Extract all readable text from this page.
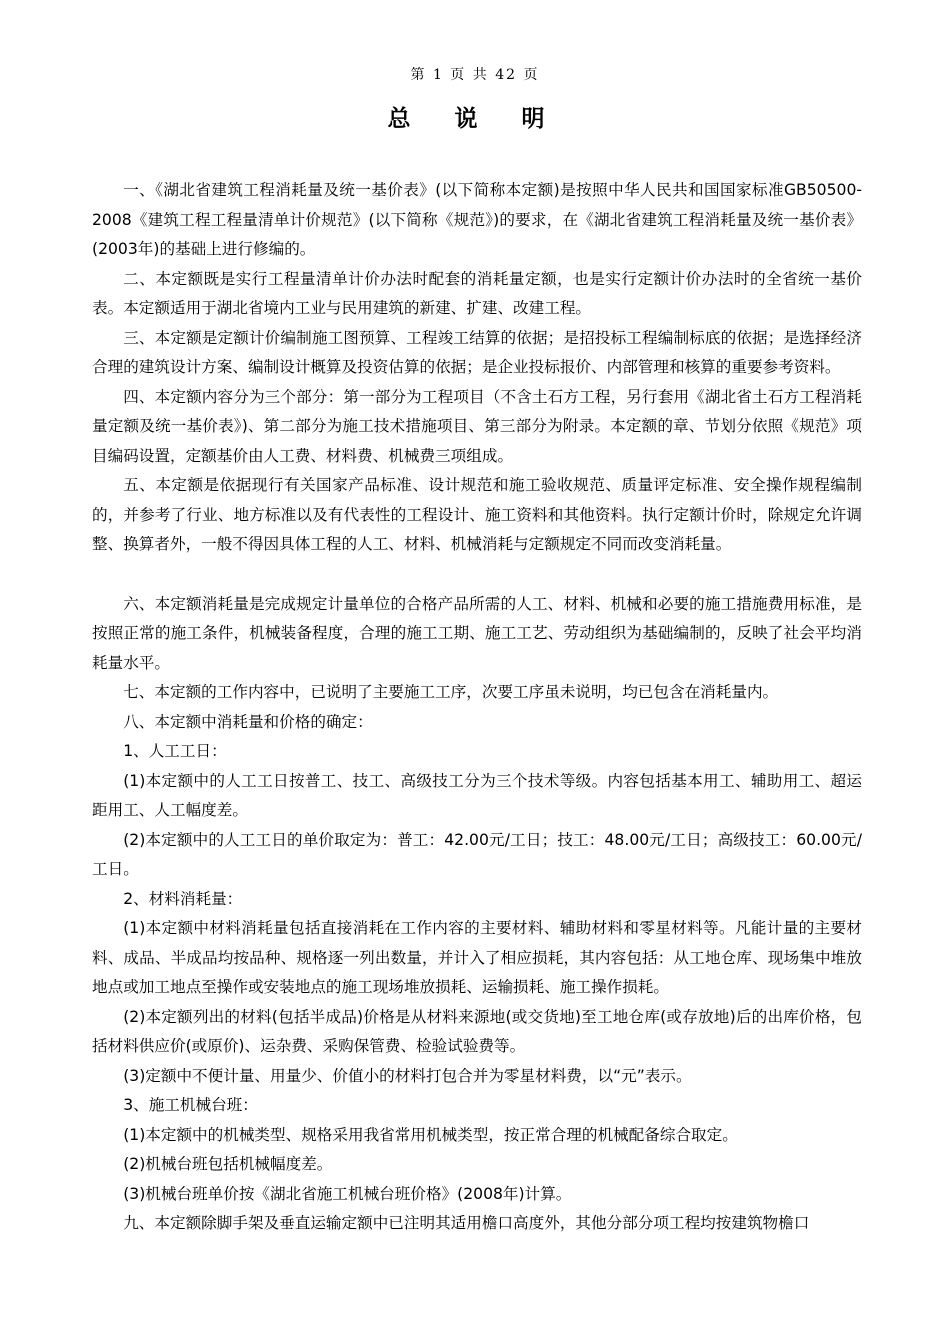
第 1 页 共 42 页
总 说 明

一、《湖北省建筑工程消耗量及统一基价表》(以下简称本定额)是按照中华人民共和国国家标准GB50500-2008《建筑工程工程量清单计价规范》(以下简称《规范》)的要求，在《湖北省建筑工程消耗量及统一基价表》(2003年)的基础上进行修编的。

二、本定额既是实行工程量清单计价办法时配套的消耗量定额，也是实行定额计价办法时的全省统一基价表。本定额适用于湖北省境内工业与民用建筑的新建、扩建、改建工程。

三、本定额是定额计价编制施工图预算、工程竣工结算的依据；是招投标工程编制标底的依据；是选择经济合理的建筑设计方案、编制设计概算及投资估算的依据；是企业投标报价、内部管理和核算的重要参考资料。

四、本定额内容分为三个部分：第一部分为工程项目（不含土石方工程，另行套用《湖北省土石方工程消耗量定额及统一基价表》)、第二部分为施工技术措施项目、第三部分为附录。本定额的章、节划分依照《规范》项目编码设置，定额基价由人工费、材料费、机械费三项组成。

五、本定额是依据现行有关国家产品标准、设计规范和施工验收规范、质量评定标准、安全操作规程编制的，并参考了行业、地方标准以及有代表性的工程设计、施工资料和其他资料。执行定额计价时，除规定允许调整、换算者外，一般不得因具体工程的人工、材料、机械消耗与定额规定不同而改变消耗量。

六、本定额消耗量是完成规定计量单位的合格产品所需的人工、材料、机械和必要的施工措施费用标准，是按照正常的施工条件，机械装备程度，合理的施工工期、施工工艺、劳动组织为基础编制的，反映了社会平均消耗量水平。

七、本定额的工作内容中，已说明了主要施工工序，次要工序虽未说明，均已包含在消耗量内。

八、本定额中消耗量和价格的确定：

1、人工工日：

(1)本定额中的人工工日按普工、技工、高级技工分为三个技术等级。内容包括基本用工、辅助用工、超运距用工、人工幅度差。

(2)本定额中的人工工日的单价取定为：普工：42.00元/工日；技工：48.00元/工日；高级技工：60.00元/工日。

2、材料消耗量：

(1)本定额中材料消耗量包括直接消耗在工作内容的主要材料、辅助材料和零星材料等。凡能计量的主要材料、成品、半成品均按品种、规格逐一列出数量，并计入了相应损耗，其内容包括：从工地仓库、现场集中堆放地点或加工地点至操作或安装地点的施工现场堆放损耗、运输损耗、施工操作损耗。

(2)本定额列出的材料(包括半成品)价格是从材料来源地(或交货地)至工地仓库(或存放地)后的出库价格，包括材料供应价(或原价)、运杂费、采购保管费、检验试验费等。

(3)定额中不便计量、用量少、价值小的材料打包合并为零星材料费，以“元”表示。

3、施工机械台班：

(1)本定额中的机械类型、规格采用我省常用机械类型，按正常合理的机械配备综合取定。

(2)机械台班包括机械幅度差。

(3)机械台班单价按《湖北省施工机械台班价格》(2008年)计算。

九、本定额除脚手架及垂直运输定额中已注明其适用檐口高度外，其他分部分项工程均按建筑物檐口
